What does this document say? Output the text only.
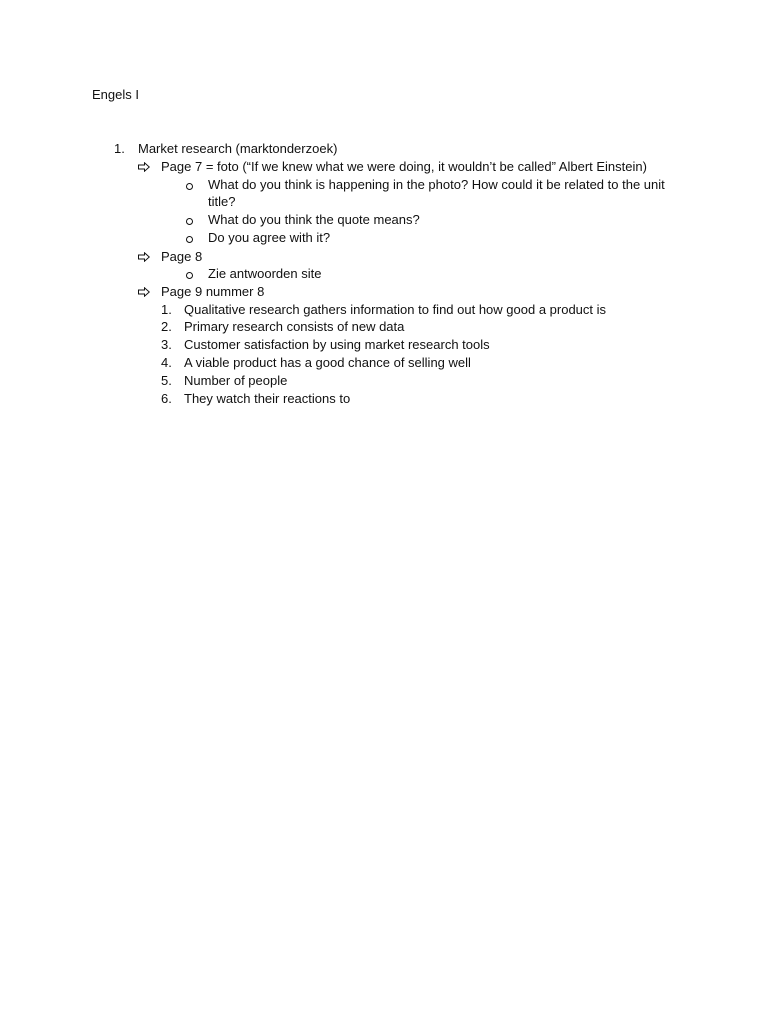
Engels I
1. Market research (marktonderzoek)
Page 7 = foto (“If we knew what we were doing, it wouldn’t be called” Albert Einstein)
What do you think is happening in the photo? How could it be related to the unit
title?
What do you think the quote means?
Do you agree with it?
Page 8
Zie antwoorden site
Page 9 nummer 8
1. Qualitative research gathers information to find out how good a product is
2. Primary research consists of new data
3. Customer satisfaction by using market research tools
4. A viable product has a good chance of selling well
5. Number of people
6. They watch their reactions to
